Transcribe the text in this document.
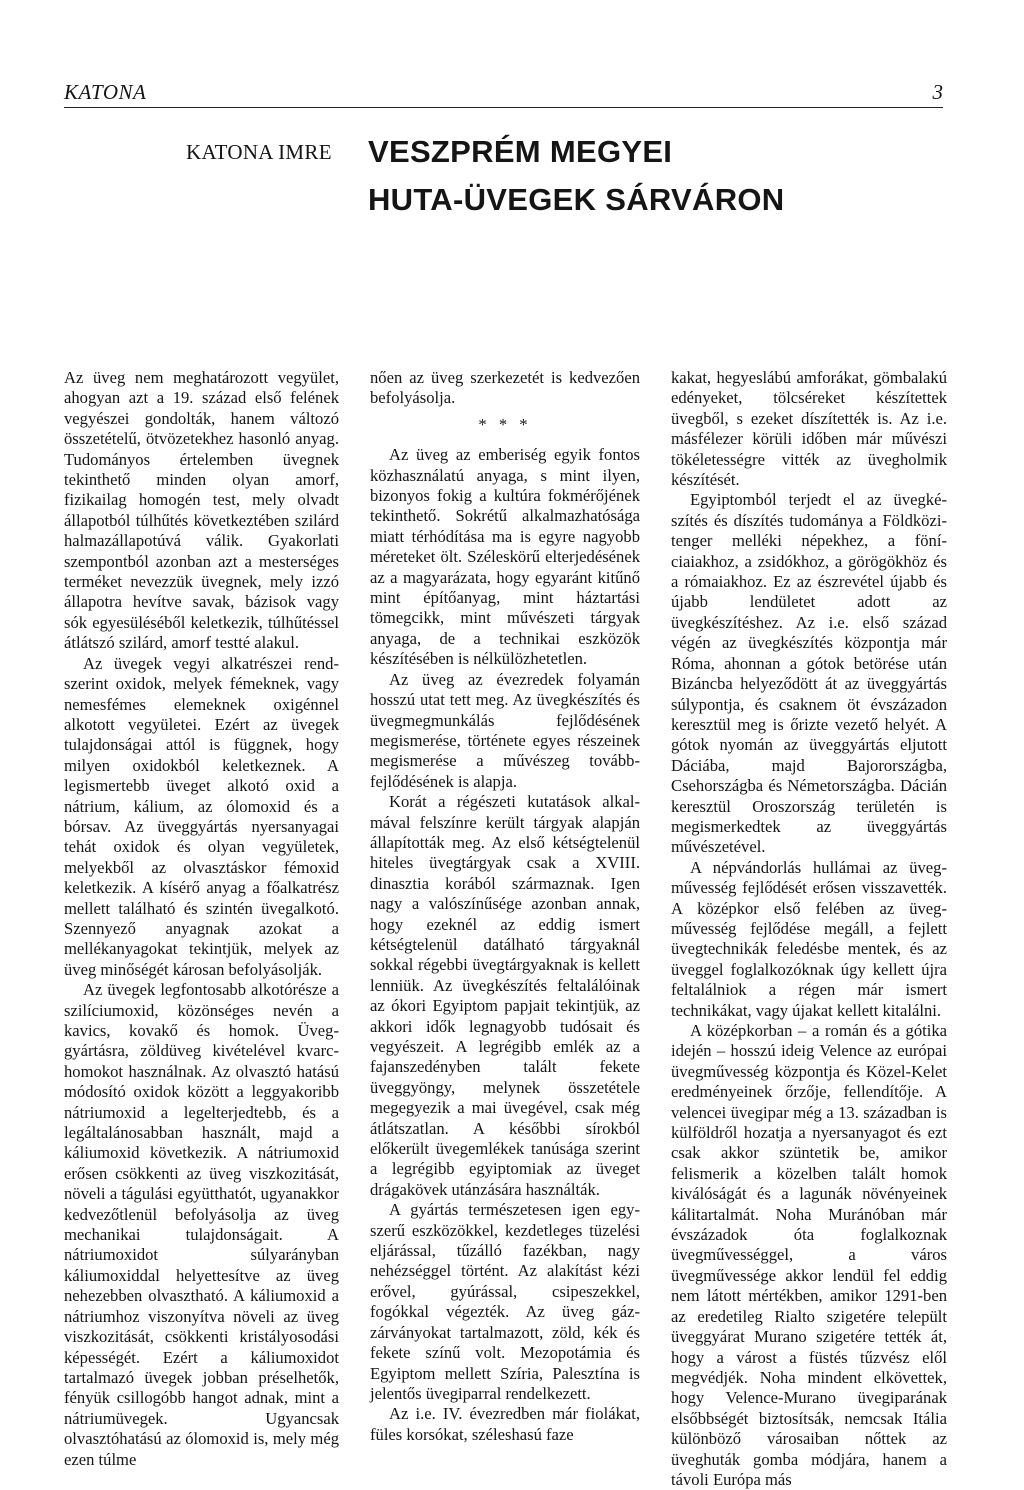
KATONA	3
KATONA IMRE VESZPRÉM MEGYEI
HUTA-ÜVEGEK SÁRVÁRON

Az üveg nem meghatározott vegyület, ahogyan azt a 19. század első felének vegyészei gondolták, hanem változó összetételű, ötvözetekhez hasonló anyag. Tudományos értelemben üvegnek tekinthető minden olyan amorf, fizikailag homogén test, mely olvadt állapotból túlhűtés következtében szilárd halmazállapotúvá válik. Gyakorlati szempontból azonban azt a mesterséges terméket nevezzük üvegnek, mely izzó állapotra hevítve savak, bázisok vagy sók egyesüléséből keletkezik, túlhűtéssel átlátszó szilárd, amorf testté alakul.

Az üvegek vegyi alkatrészei rendszerint oxidok, melyek fémeknek, vagy nemesfémes elemeknek oxigénnel alkotott vegyületei. Ezért az üvegek tulajdonságai attól is függnek, hogy milyen oxidokból keletkeznek. A legismertebb üveget alkotó oxid a nátrium, kálium, az ólomoxid és a bórsav. Az üveggyártás nyersanyagai tehát oxidok és olyan vegyületek, melyekből az olvasztáskor fémoxid keletkezik. A kísérő anyag a főalkatrész mellett található és szintén üvegalkotó. Szennyező anyagnak azokat a mellékanyagokat tekintjük, melyek az üveg minőségét károsan befolyásolják.

Az üvegek legfontosabb alkotórésze a szilíciumoxid, közönséges nevén a kavics, kovakő és homok. Üveggyártásra, zöldüveg kivételével kvarchomokot használnak. Az olvasztó hatású módosító oxidok között a leggyakoribb nátriumoxid a legelterjedtebb, és a legáltalánosabban használt, majd a káliumoxid következik. A nátriumoxid erősen csökkenti az üveg viszkozitását, növeli a tágulási együtthatót, ugyanakkor kedvezőtlenül befolyásolja az üveg mechanikai tulajdonságait. A nátriumoxidot súlyarányban káliumoxiddal helyettesítve az üveg nehezebben olvasztható. A káliumoxid a nátriumhoz viszonyítva növeli az üveg viszkozitását, csökkenti kristályosodási képességét. Ezért a káliumoxidot tartalmazó üvegek jobban préselhetők, fényük csillogóbb hangot adnak, mint a nátriumüvegek. Ugyancsak olvasztóhatású az ólomoxid is, mely még ezen túlme

nően az üveg szerkezetét is kedvezően befolyásolja.

* * *

Az üveg az emberiség egyik fontos közhasználatú anyaga, s mint ilyen, bizonyos fokig a kultúra fokmérőjének tekinthető. Sokrétű alkalmazhatósága miatt térhódítása ma is egyre nagyobb méreteket ölt. Széleskörű elterjedésének az a magyarázata, hogy egyaránt kitűnő mint építőanyag, mint háztartási tömegcikk, mint művészeti tárgyak anyaga, de a technikai eszközök készítésében is nélkülözhetetlen.

Az üveg az évezredek folyamán hosszú utat tett meg. Az üvegkészítés és üvegmegmunkálás fejlődésének megismerése, története egyes részeinek megismerése a művészeg továbbfejlődésének is alapja.

Korát a régészeti kutatások alkalmával felszínre került tárgyak alapján állapították meg. Az első kétségtelenül hiteles üvegtárgyak csak a XVIII. dinasztia korából származnak. Igen nagy a valószínűsége azonban annak, hogy ezeknél az eddig ismert kétségtelenül datálható tárgyaknál sokkal régebbi üvegtárgyaknak is kellett lenniük. Az üvegkészítés feltalálóinak az ókori Egyiptom papjait tekintjük, az akkori idők legnagyobb tudósait és vegyészeit. A legrégibb emlék az a fajanszedényben talált fekete üveggyöngy, melynek összetétele megegyezik a mai üvegével, csak még átlátszatlan. A későbbi sírokból előkerült üvegemlékek tanúsága szerint a legrégibb egyiptomiak az üveget drágakövek utánzására használták.

A gyártás természetesen igen egyszerű eszközökkel, kezdetleges tüzelési eljárással, tűzálló fazékban, nagy nehézséggel történt. Az alakítást kézi erővel, gyúrással, csipeszekkel, fogókkal végezték. Az üveg gázzárványokat tartalmazott, zöld, kék és fekete színű volt. Mezopotámia és Egyiptom mellett Szíria, Palesztína is jelentős üvegiparral rendelkezett.

Az i.e. IV. évezredben már fiolákat, füles korsókat, széleshasú faze

kakat, hegyeslábú amforákat, gömbalakú edényeket, tölcséreket készítettek üvegből, s ezeket díszítették is. Az i.e. másfélezer körüli időben már művészi tökéletességre vitték az üvegholmik készítését.

Egyiptomból terjedt el az üvegkészítés és díszítés tudománya a Földközi-tenger melléki népekhez, a föníciaiakhoz, a zsidókhoz, a görögökhöz és a rómaiakhoz. Ez az észrevétel újabb és újabb lendületet adott az üvegkészítéshez. Az i.e. első század végén az üvegkészítés központja már Róma, ahonnan a gótok betörése után Bizáncba helyeződött át az üveggyártás súlypontja, és csaknem öt évszázadon keresztül meg is őrizte vezető helyét. A gótok nyomán az üveggyártás eljutott Dáciába, majd Bajorországba, Csehországba és Németországba. Dácián keresztül Oroszország területén is megismerkedtek az üveggyártás művészetével.

A népvándorlás hullámai az üvegművesség fejlődését erősen visszavették. A középkor első felében az üvegművesség fejlődése megáll, a fejlett üvegtechnikák feledésbe mentek, és az üveggel foglalkozóknak úgy kellett újra feltalálniok a régen már ismert technikákat, vagy újakat kellett kitalálni.

A középkorban – a román és a gótika idején – hosszú ideig Velence az európai üvegművesség központja és Közel-Kelet eredményeinek őrzője, fellendítője. A velencei üvegipar még a 13. században is külföldről hozatja a nyersanyagot és ezt csak akkor szüntetik be, amikor felismerik a közelben talált homok kiválóságát és a lagunák növényeinek kálitartalmát. Noha Muránóban már évszázadok óta foglalkoznak üvegművességgel, a város üvegművessége akkor lendül fel eddig nem látott mértékben, amikor 1291-ben az eredetileg Rialto szigetére települt üveggyárat Murano szigetére tették át, hogy a várost a füstés tűzvész elől megvédjék. Noha mindent elkövettek, hogy Velence-Murano üvegiparának elsőbbségét biztosítsák, nemcsak Itália különböző városaiban nőttek az üveghuták gomba módjára, hanem a távoli Európa más
